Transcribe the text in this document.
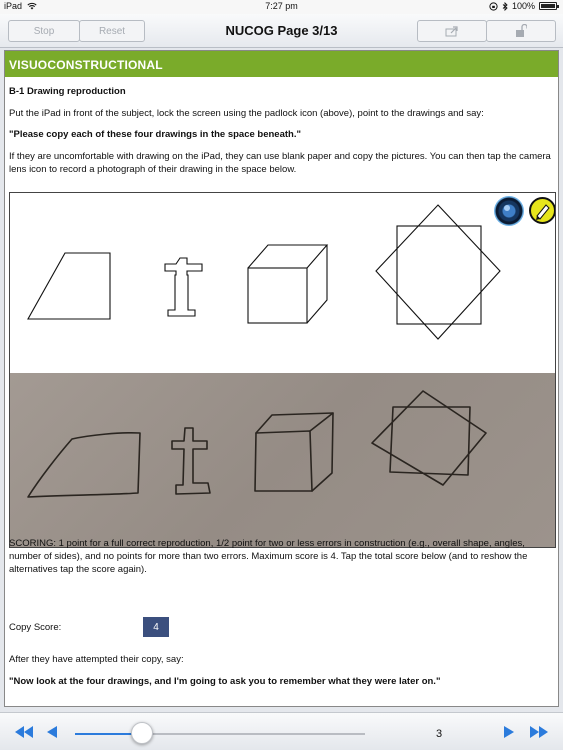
iPad	7:27 pm	100%
Stop	Reset	NUCOG Page 3/13
VISUOCONSTRUCTIONAL
B-1 Drawing reproduction
Put the iPad in front of the subject, lock the screen using the padlock icon (above), point to the drawings and say:
"Please copy each of these four drawings in the space beneath."
If they are uncomfortable with drawing on the iPad, they can use blank paper and copy the pictures. You can then tap the camera lens icon to record a photograph of their drawing in the space below.
SCORING: 1 point for a full correct reproduction, 1/2 point for two or less errors in construction (e.g., overall shape, angles, number of sides), and no points for more than two errors. Maximum score is 4. Tap the total score below (and to reshow the alternatives tap the score again).
Copy Score:	4
After they have attempted their copy, say:
"Now look at the four drawings, and I'm going to ask you to remember what they were later on."
3
